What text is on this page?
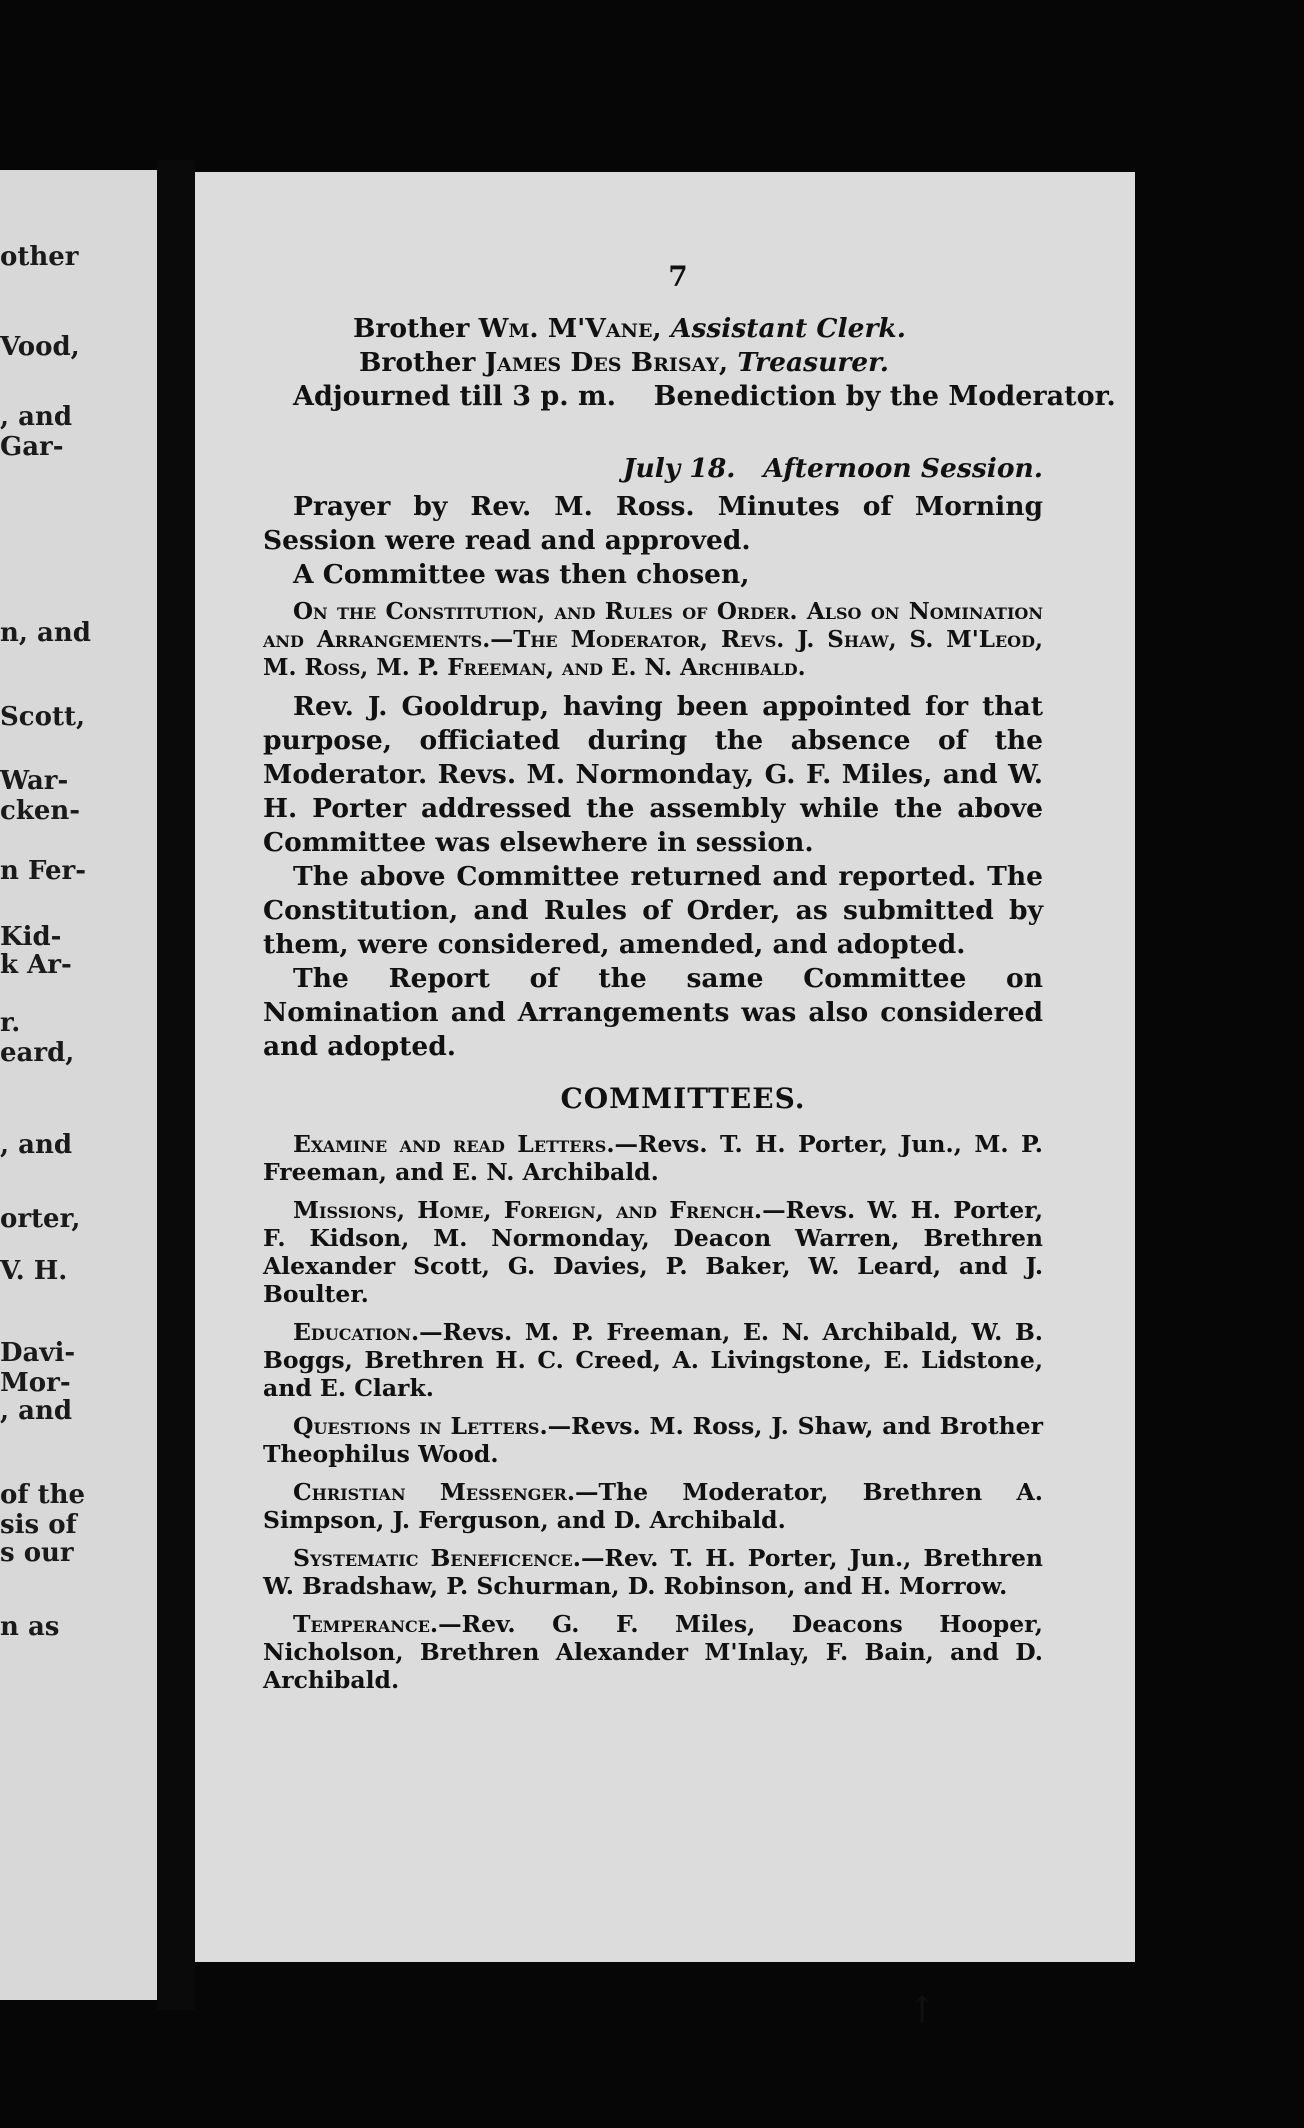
other
Vood,
, and
Gar-
n, and
Scott,
War-
cken-
n Fer-
Kid-
k Ar-
r.
eard,
, and
orter,
V. H.
Davi-
Mor-
, and
of the
sis of
s our
n as
7
Brother Wm. M'Vane, Assistant Clerk.
Brother James Des Brisay, Treasurer.
Adjourned till 3 p. m.    Benediction by the Moderator.
July 18. Afternoon Session.

Prayer by Rev. M. Ross. Minutes of Morning Session were read and approved.

A Committee was then chosen,

On the Constitution, and Rules of Order. Also on Nomination and Arrangements.—The Moderator, Revs. J. Shaw, S. M'Leod, M. Ross, M. P. Freeman, and E. N. Archibald.

Rev. J. Gooldrup, having been appointed for that purpose, officiated during the absence of the Moderator. Revs. M. Normonday, G. F. Miles, and W. H. Porter addressed the assembly while the above Committee was elsewhere in session.

The above Committee returned and reported. The Constitution, and Rules of Order, as submitted by them, were considered, amended, and adopted.

The Report of the same Committee on Nomination and Arrangements was also considered and adopted.

COMMITTEES.

Examine and read Letters.—Revs. T. H. Porter, Jun., M. P. Freeman, and E. N. Archibald.

Missions, Home, Foreign, and French.—Revs. W. H. Porter, F. Kidson, M. Normonday, Deacon Warren, Brethren Alexander Scott, G. Davies, P. Baker, W. Leard, and J. Boulter.

Education.—Revs. M. P. Freeman, E. N. Archibald, W. B. Boggs, Brethren H. C. Creed, A. Livingstone, E. Lidstone, and E. Clark.

Questions in Letters.—Revs. M. Ross, J. Shaw, and Brother Theophilus Wood.

Christian Messenger.—The Moderator, Brethren A. Simpson, J. Ferguson, and D. Archibald.

Systematic Beneficence.—Rev. T. H. Porter, Jun., Brethren W. Bradshaw, P. Schurman, D. Robinson, and H. Morrow.

Temperance.—Rev. G. F. Miles, Deacons Hooper, Nicholson, Brethren Alexander M'Inlay, F. Bain, and D. Archibald.

↑
